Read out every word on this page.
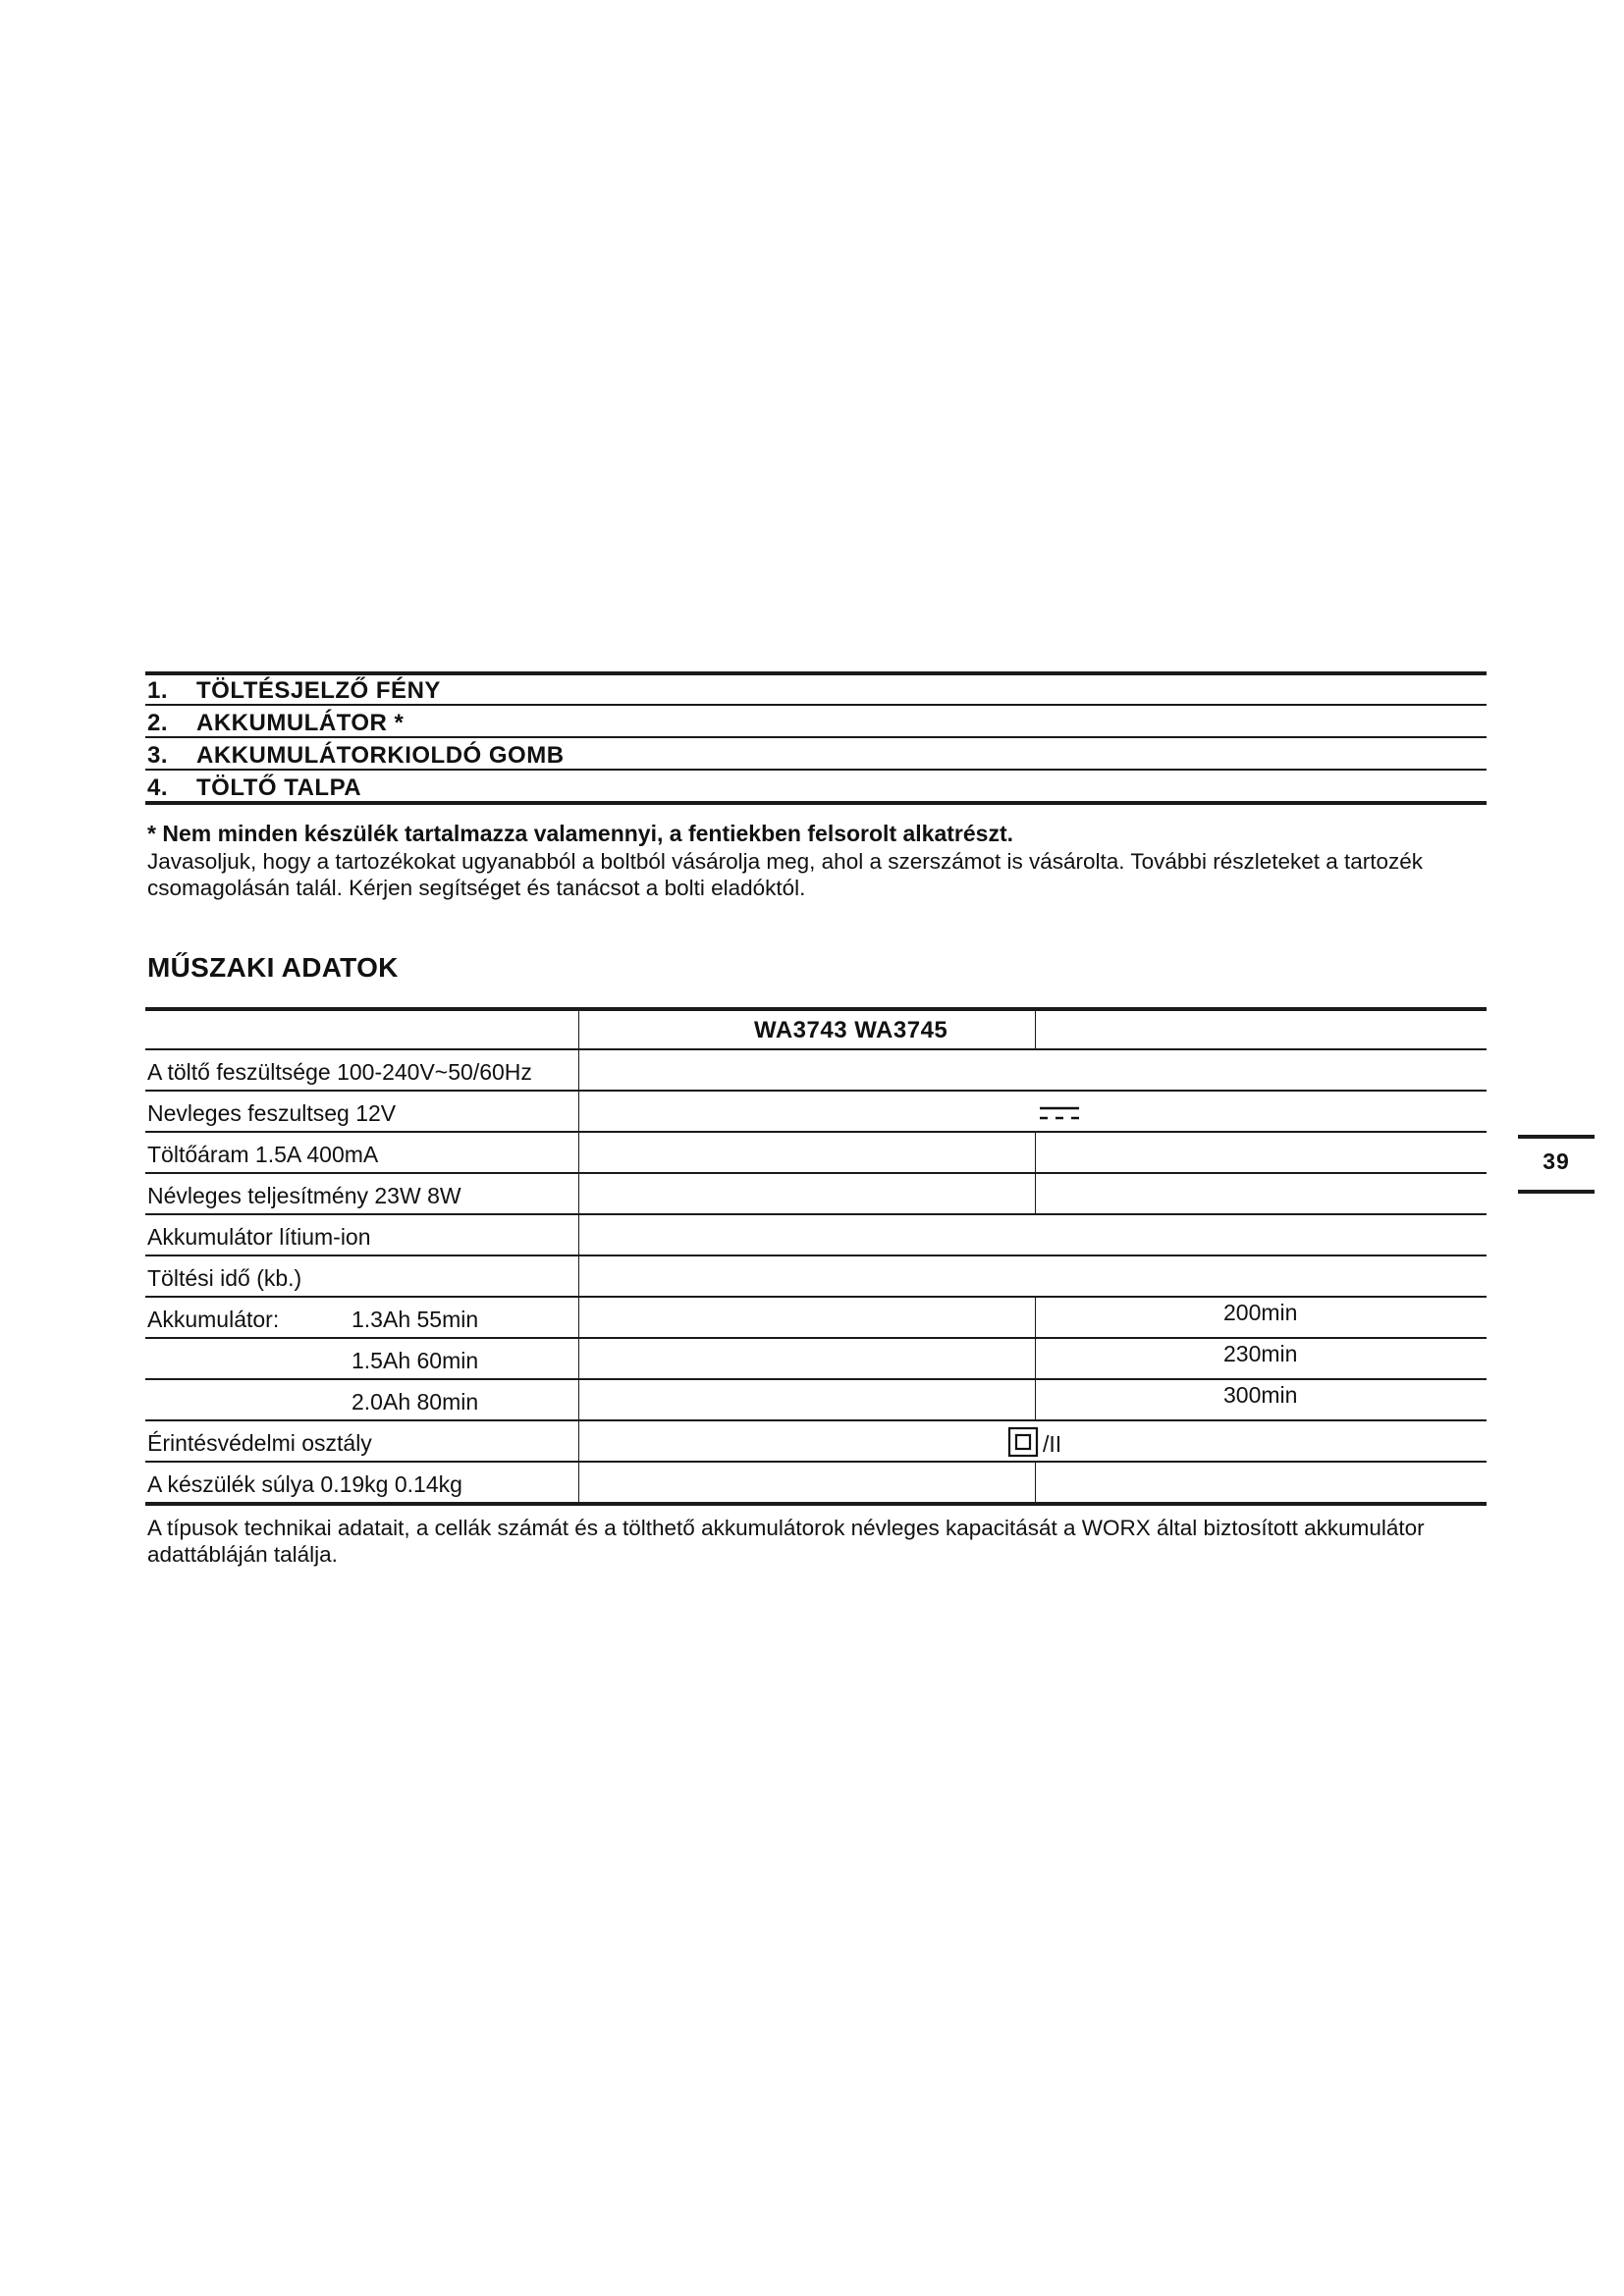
1.	TÖLTÉSJELZŐ FÉNY
2.	AKKUMULÁTOR *
3.	AKKUMULÁTORKIOLDÓ GOMB
4.	TÖLTŐ TALPA
* Nem minden készülék tartalmazza valamennyi, a fentiekben felsorolt alkatrészt.
Javasoljuk, hogy a tartozékokat ugyanabból a boltból vásárolja meg, ahol a szerszámot is vásárolta. További részleteket a tartozék csomagolásán talál. Kérjen segítséget és tanácsot a bolti eladóktól.
MŰSZAKI ADATOK
WA3743 WA3745
A töltő feszültsége 100-240V~50/60Hz
Nevleges feszultseg 12V
Töltőáram 1.5A 400mA
Névleges teljesítmény 23W 8W
Akkumulátor lítium-ion
Töltési idő (kb.)
Akkumulátor:	1.3Ah 55min	200min
1.5Ah 60min	230min
2.0Ah 80min	300min
Érintésvédelmi osztály	/II
A készülék súlya 0.19kg 0.14kg
A típusok technikai adatait, a cellák számát és a tölthető akkumulátorok névleges kapacitását a WORX által biztosított akkumulátor adattábláján találja.
39
